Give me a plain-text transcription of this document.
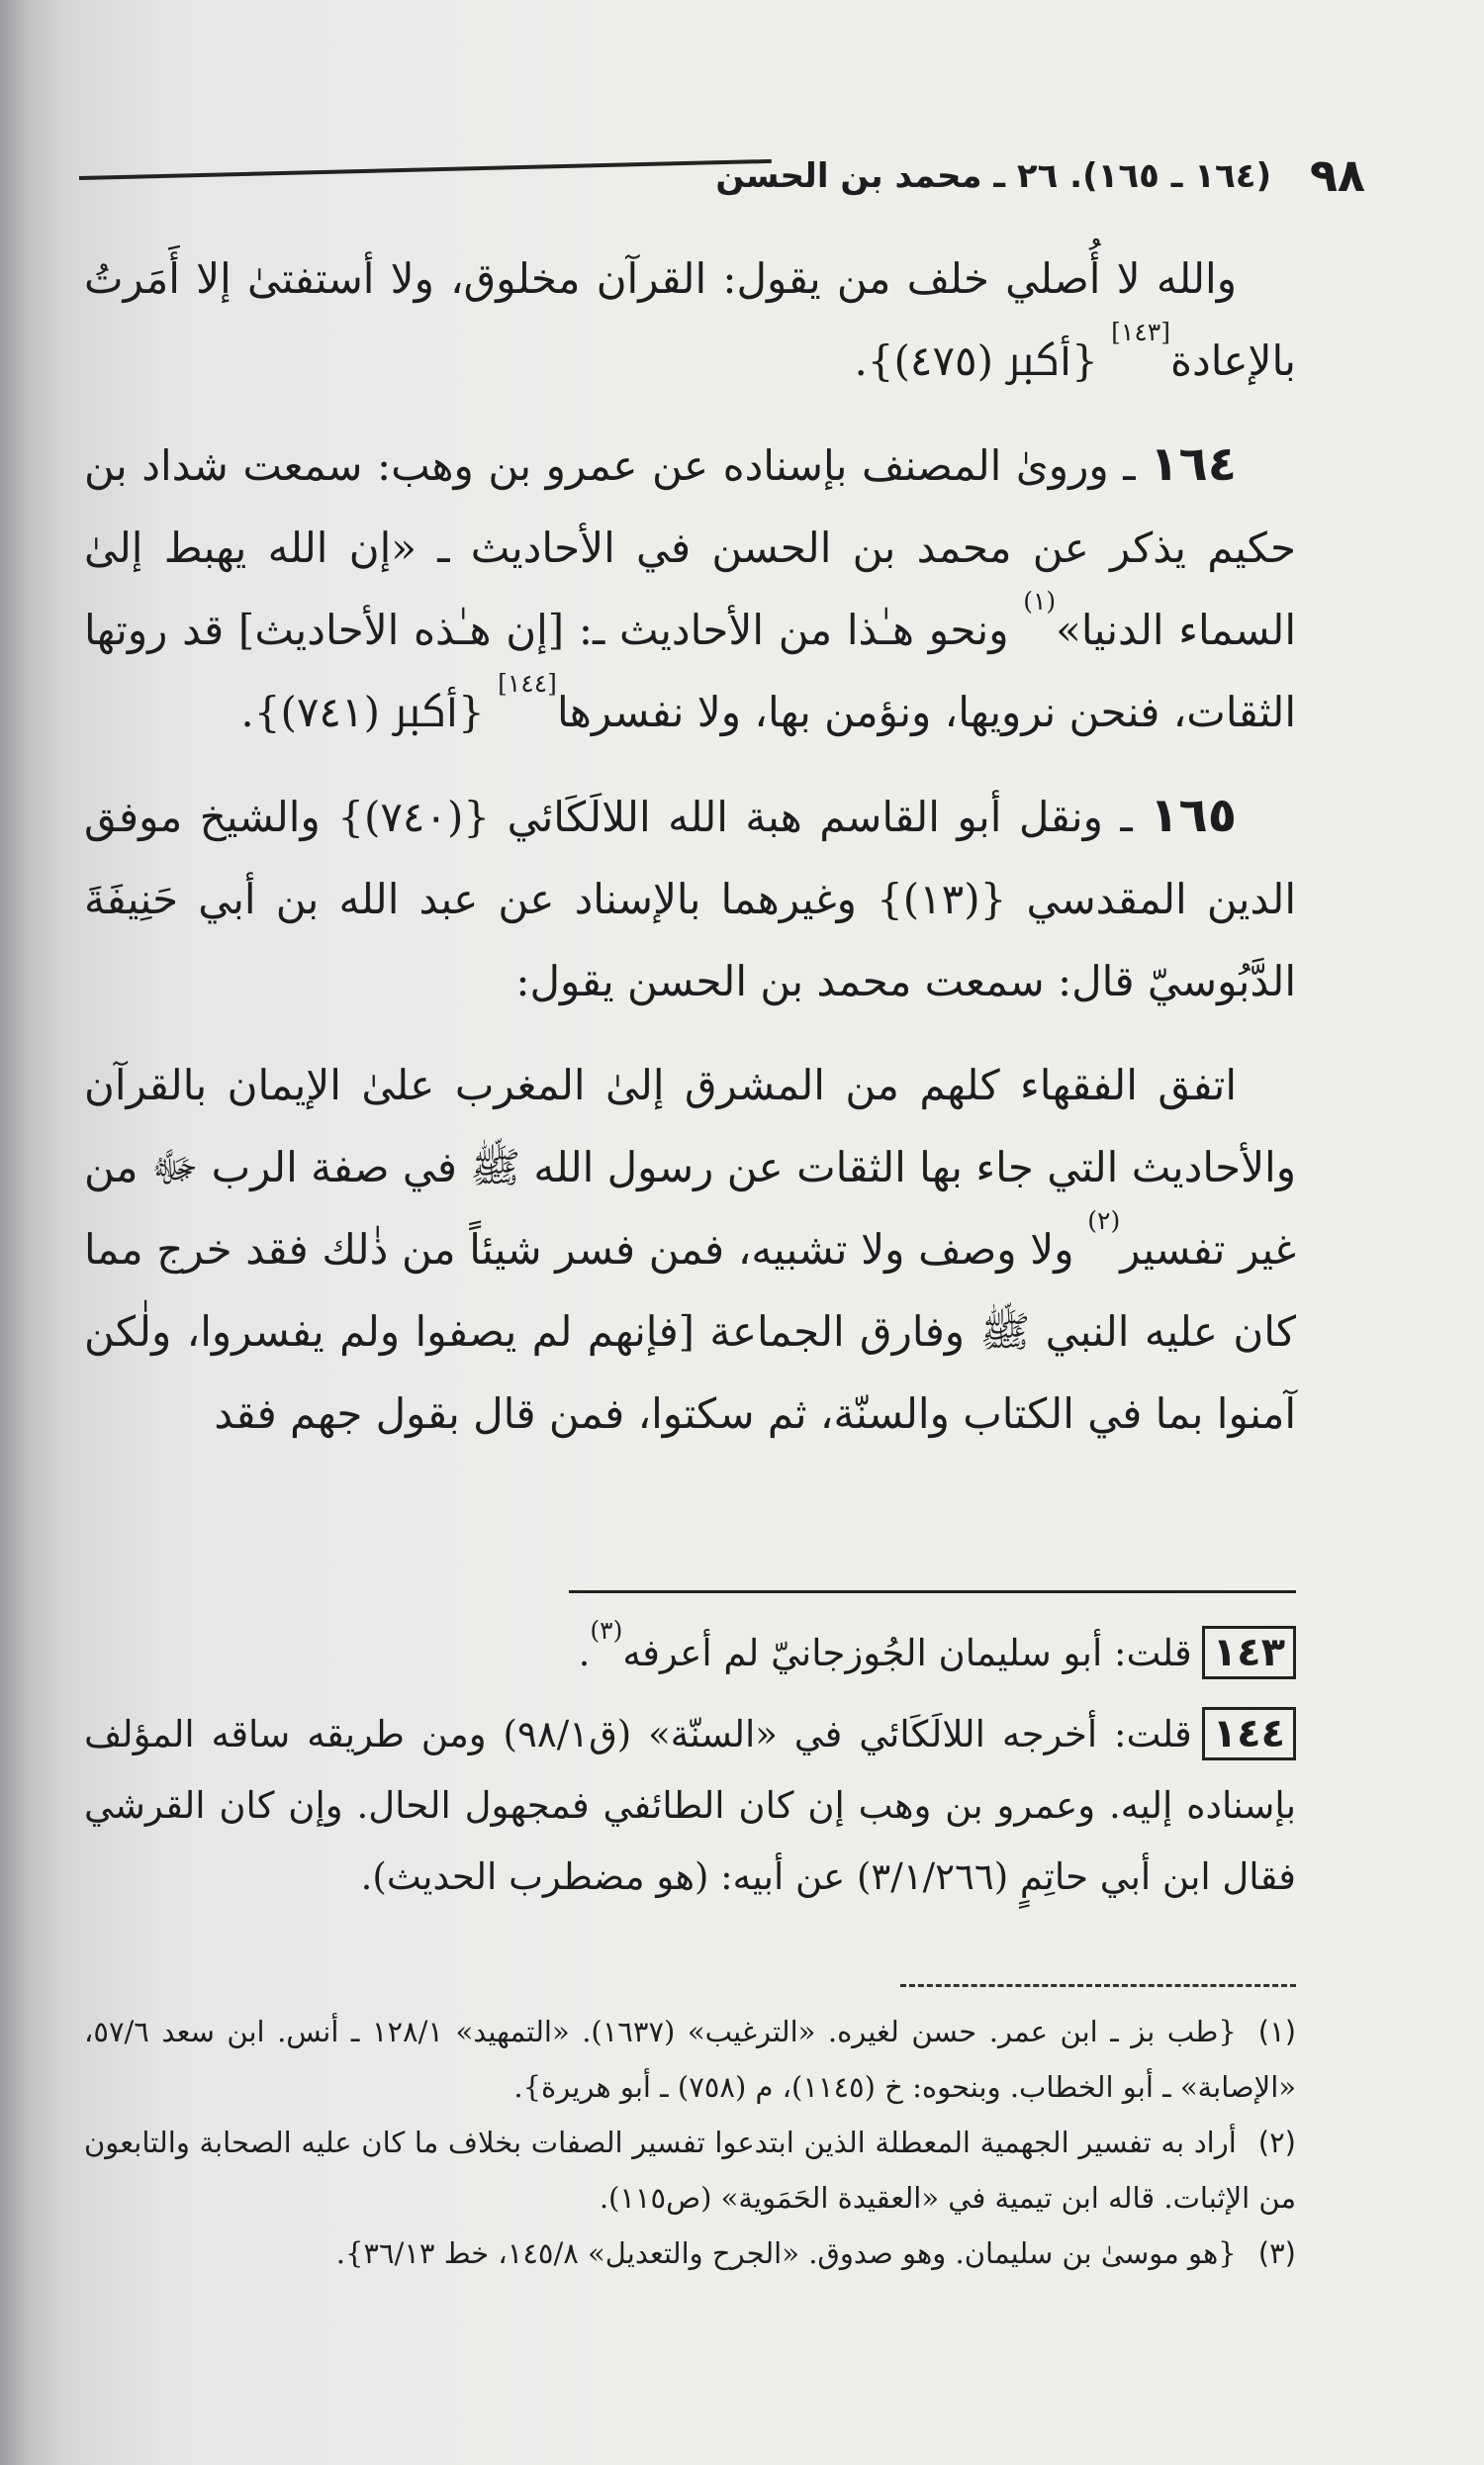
٩٨
(١٦٤ ـ ١٦٥). ٢٦ ـ محمد بن الحسن

والله لا أُصلي خلف من يقول: القرآن مخلوق، ولا أستفتىٰ إلا أَمَرتُ بالإعادة[١٤٣] {ﷳ (٤٧٥)}.

١٦٤ ـ وروىٰ المصنف بإسناده عن عمرو بن وهب: سمعت شداد بن حكيم يذكر عن محمد بن الحسن في الأحاديث ـ «إن الله يهبط إلىٰ السماء الدنيا»$^{(١)}$ ونحو هـٰذا من الأحاديث ـ: [إن هـٰذه الأحاديث] قد روتها الثقات، فنحن نرويها، ونؤمن بها، ولا نفسرها[١٤٤] {ﷳ (٧٤١)}.

١٦٥ ـ ونقل أبو القاسم هبة الله اللالَكَائي {(٧٤٠)} والشيخ موفق الدين المقدسي {(١٣)} وغيرهما بالإسناد عن عبد الله بن أبي حَنِيفَةَ الدَّبُوسيّ قال: سمعت محمد بن الحسن يقول:

اتفق الفقهاء كلهم من المشرق إلىٰ المغرب علىٰ الإيمان بالقرآن والأحاديث التي جاء بها الثقات عن رسول الله ﷺ في صفة الرب ﷻ من غير تفسير$^{(٢)}$ ولا وصف ولا تشبيه، فمن فسر شيئاً من ذٰلك فقد خرج مما كان عليه النبي ﷺ وفارق الجماعة [فإنهم لم يصفوا ولم يفسروا، ولٰكن آمنوا بما في الكتاب والسنّة، ثم سكتوا، فمن قال بقول جهم فقد

١٤٣قلت: أبو سليمان الجُوزجانيّ لم أعرفه$^{(٣)}$.

١٤٤قلت: أخرجه اللالَكَائي في «السنّة» (ق٩٨/١) ومن طريقه ساقه المؤلف بإسناده إليه. وعمرو بن وهب إن كان الطائفي فمجهول الحال. وإن كان القرشي فقال ابن أبي حاتِمٍ (٣/١/٢٦٦) عن أبيه: (هو مضطرب الحديث).

(١){طب بز ـ ابن عمر. حسن لغيره. «الترغيب» (١٦٣٧). «التمهيد» ١٢٨/١ ـ أنس. ابن سعد ٥٧/٦، «الإصابة» ـ أبو الخطاب. وبنحوه: خ (١١٤٥)، م (٧٥٨) ـ أبو هريرة}.

(٢)أراد به تفسير الجهمية المعطلة الذين ابتدعوا تفسير الصفات بخلاف ما كان عليه الصحابة والتابعون من الإثبات. قاله ابن تيمية في «العقيدة الحَمَوية» (ص١١٥).

(٣){هو موسىٰ بن سليمان. وهو صدوق. «الجرح والتعديل» ١٤٥/٨، خط ٣٦/١٣}.
